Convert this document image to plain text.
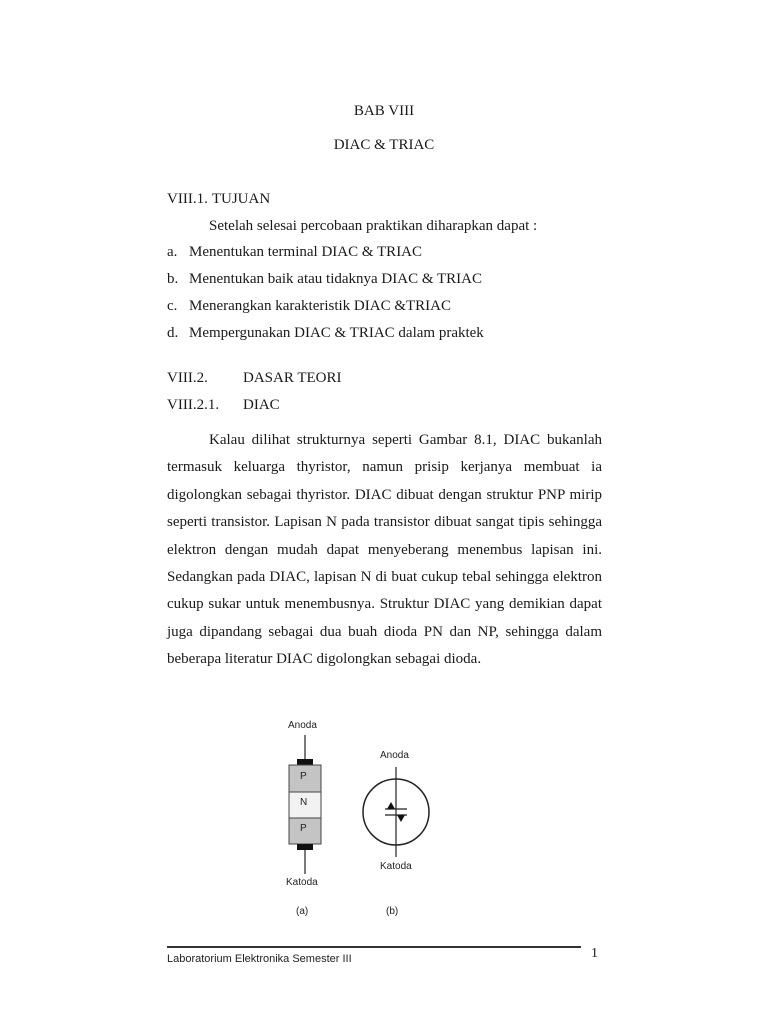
BAB VIII
DIAC & TRIAC
VIII.1. TUJUAN
Setelah selesai percobaan praktikan diharapkan dapat :
a. Menentukan terminal DIAC & TRIAC
b. Menentukan baik atau tidaknya DIAC & TRIAC
c. Menerangkan karakteristik DIAC &TRIAC
d. Mempergunakan DIAC & TRIAC dalam praktek
VIII.2. DASAR TEORI
VIII.2.1. DIAC
Kalau dilihat strukturnya seperti Gambar 8.1, DIAC bukanlah termasuk keluarga thyristor, namun prisip kerjanya membuat ia digolongkan sebagai thyristor. DIAC dibuat dengan struktur PNP mirip seperti transistor. Lapisan N pada transistor dibuat sangat tipis sehingga elektron dengan mudah dapat menyeberang menembus lapisan ini. Sedangkan pada DIAC, lapisan N di buat cukup tebal sehingga elektron cukup sukar untuk menembusnya. Struktur DIAC yang demikian dapat juga dipandang sebagai dua buah dioda PN dan NP, sehingga dalam beberapa literatur DIAC digolongkan sebagai dioda.
Anoda
P
N
P
Katoda
(a)
Anoda
Katoda
(b)
Laboratorium Elektronika Semester III	1
